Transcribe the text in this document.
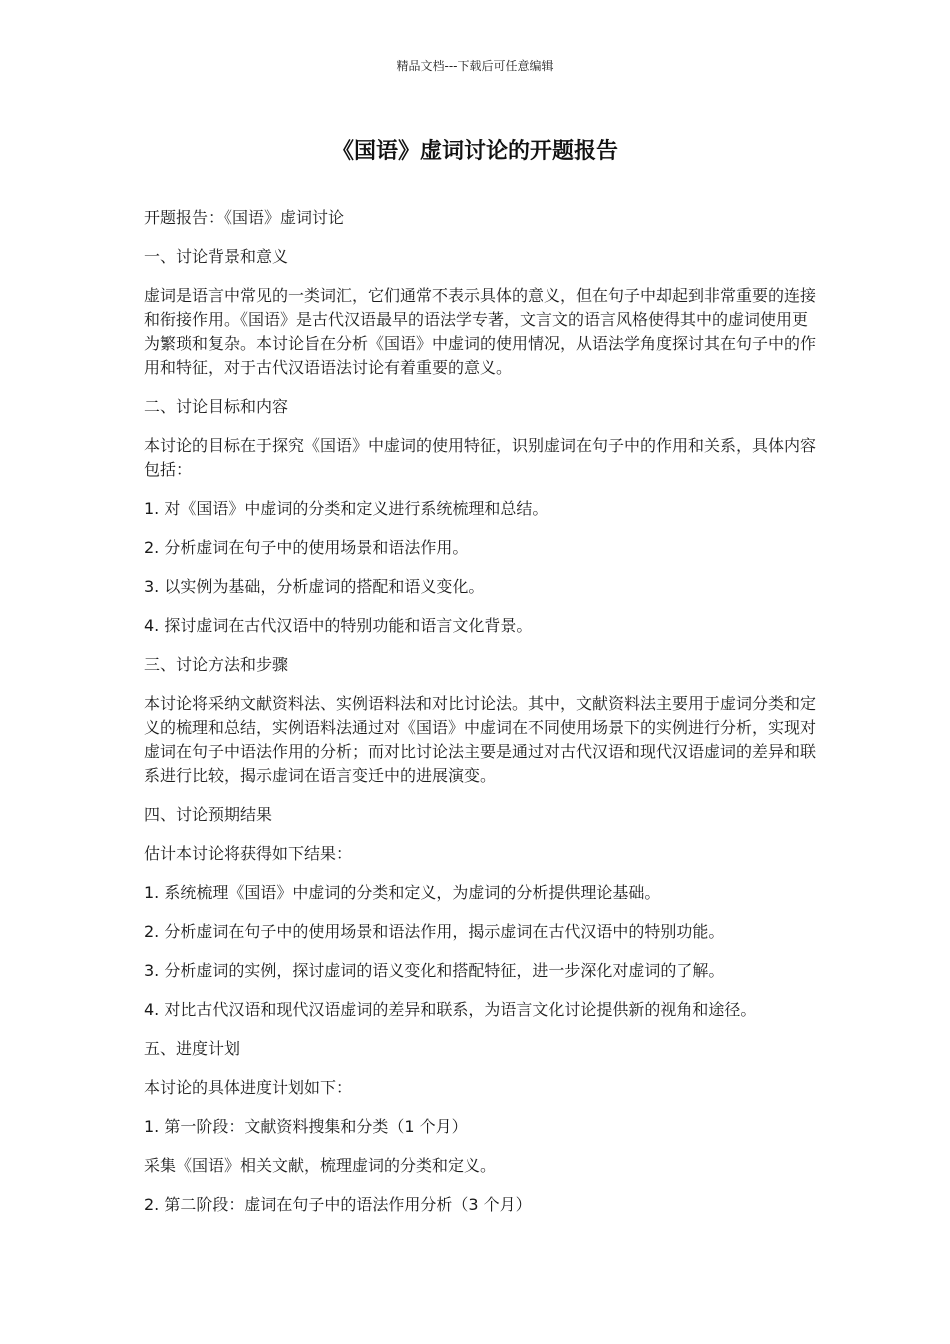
精品文档---下载后可任意编辑
《国语》虚词讨论的开题报告

开题报告：《国语》虚词讨论

一、讨论背景和意义

虚词是语言中常见的一类词汇，它们通常不表示具体的意义，但在句子中却起到非常重要的连接和衔接作用。《国语》是古代汉语最早的语法学专著，文言文的语言风格使得其中的虚词使用更为繁琐和复杂。本讨论旨在分析《国语》中虚词的使用情况，从语法学角度探讨其在句子中的作用和特征，对于古代汉语语法讨论有着重要的意义。

二、讨论目标和内容

本讨论的目标在于探究《国语》中虚词的使用特征，识别虚词在句子中的作用和关系，具体内容包括：

1. 对《国语》中虚词的分类和定义进行系统梳理和总结。

2. 分析虚词在句子中的使用场景和语法作用。

3. 以实例为基础，分析虚词的搭配和语义变化。

4. 探讨虚词在古代汉语中的特别功能和语言文化背景。

三、讨论方法和步骤

本讨论将采纳文献资料法、实例语料法和对比讨论法。其中，文献资料法主要用于虚词分类和定义的梳理和总结，实例语料法通过对《国语》中虚词在不同使用场景下的实例进行分析，实现对虚词在句子中语法作用的分析；而对比讨论法主要是通过对古代汉语和现代汉语虚词的差异和联系进行比较，揭示虚词在语言变迁中的进展演变。

四、讨论预期结果

估计本讨论将获得如下结果：

1. 系统梳理《国语》中虚词的分类和定义，为虚词的分析提供理论基础。

2. 分析虚词在句子中的使用场景和语法作用，揭示虚词在古代汉语中的特别功能。

3. 分析虚词的实例，探讨虚词的语义变化和搭配特征，进一步深化对虚词的了解。

4. 对比古代汉语和现代汉语虚词的差异和联系，为语言文化讨论提供新的视角和途径。

五、进度计划

本讨论的具体进度计划如下：

1. 第一阶段：文献资料搜集和分类（1 个月）

采集《国语》相关文献，梳理虚词的分类和定义。

2. 第二阶段：虚词在句子中的语法作用分析（3 个月）
